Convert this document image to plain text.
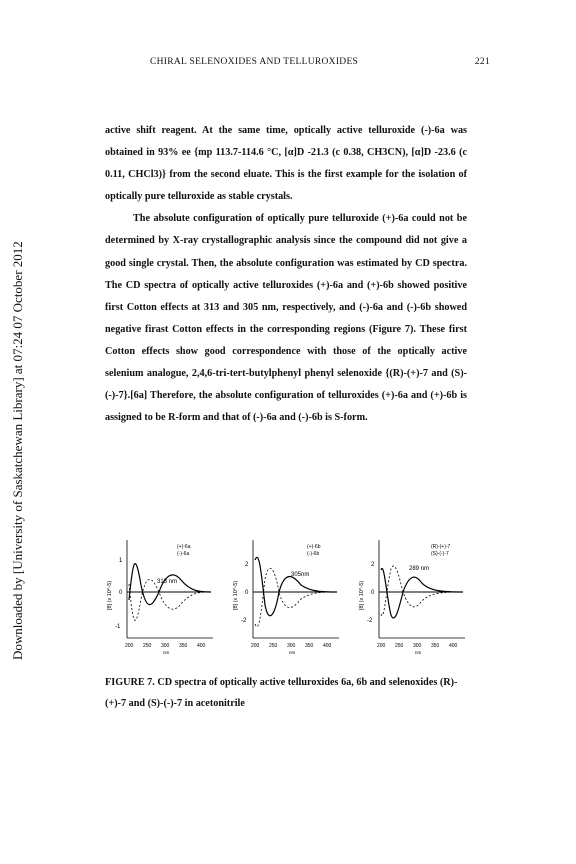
CHIRAL SELENOXIDES AND TELLUROXIDES	221
Downloaded by [University of Saskatchewan Library] at 07:24 07 October 2012

active shift reagent. At the same time, optically active telluroxide (-)-6a was obtained in 93% ee {mp 113.7-114.6 °C, [α]D -21.3 (c 0.38, CH3CN), [α]D -23.6 (c 0.11, CHCl3)} from the second eluate. This is the first example for the isolation of optically pure telluroxide as stable crystals.

The absolute configuration of optically pure telluroxide (+)-6a could not be determined by X-ray crystallographic analysis since the compound did not give a good single crystal. Then, the absolute configuration was estimated by CD spectra. The CD spectra of optically active telluroxides (+)-6a and (+)-6b showed positive first Cotton effects at 313 and 305 nm, respectively, and (-)-6a and (-)-6b showed negative firast Cotton effects in the corresponding regions (Figure 7). These first Cotton effects show good correspondence with those of the optically active selenium analogue, 2,4,6-tri-tert-butylphenyl phenyl selenoxide {(R)-(+)-7 and (S)-(-)-7}.[6a] Therefore, the absolute configuration of telluroxides (+)-6a and (+)-6b is assigned to be R-form and that of (-)-6a and (-)-6b is S-form.

(+)-6a
(-)-6a
313 nm
1
0
-1
[θ] (x 10^-5)
200 250 300 350 400
nm
(+)-6b
(-)-6b
305nm
2
0
-2
[θ] (x 10^-5)
200 250 300 350 400
nm
(R)-(+)-7
(S)-(-)-7
289 nm
2
0
-2
[θ] (x 10^-5)
200 250 300 350 400
nm
FIGURE 7. CD spectra of optically active telluroxides 6a, 6b and selenoxides (R)-(+)-7 and (S)-(-)-7 in acetonitrile
